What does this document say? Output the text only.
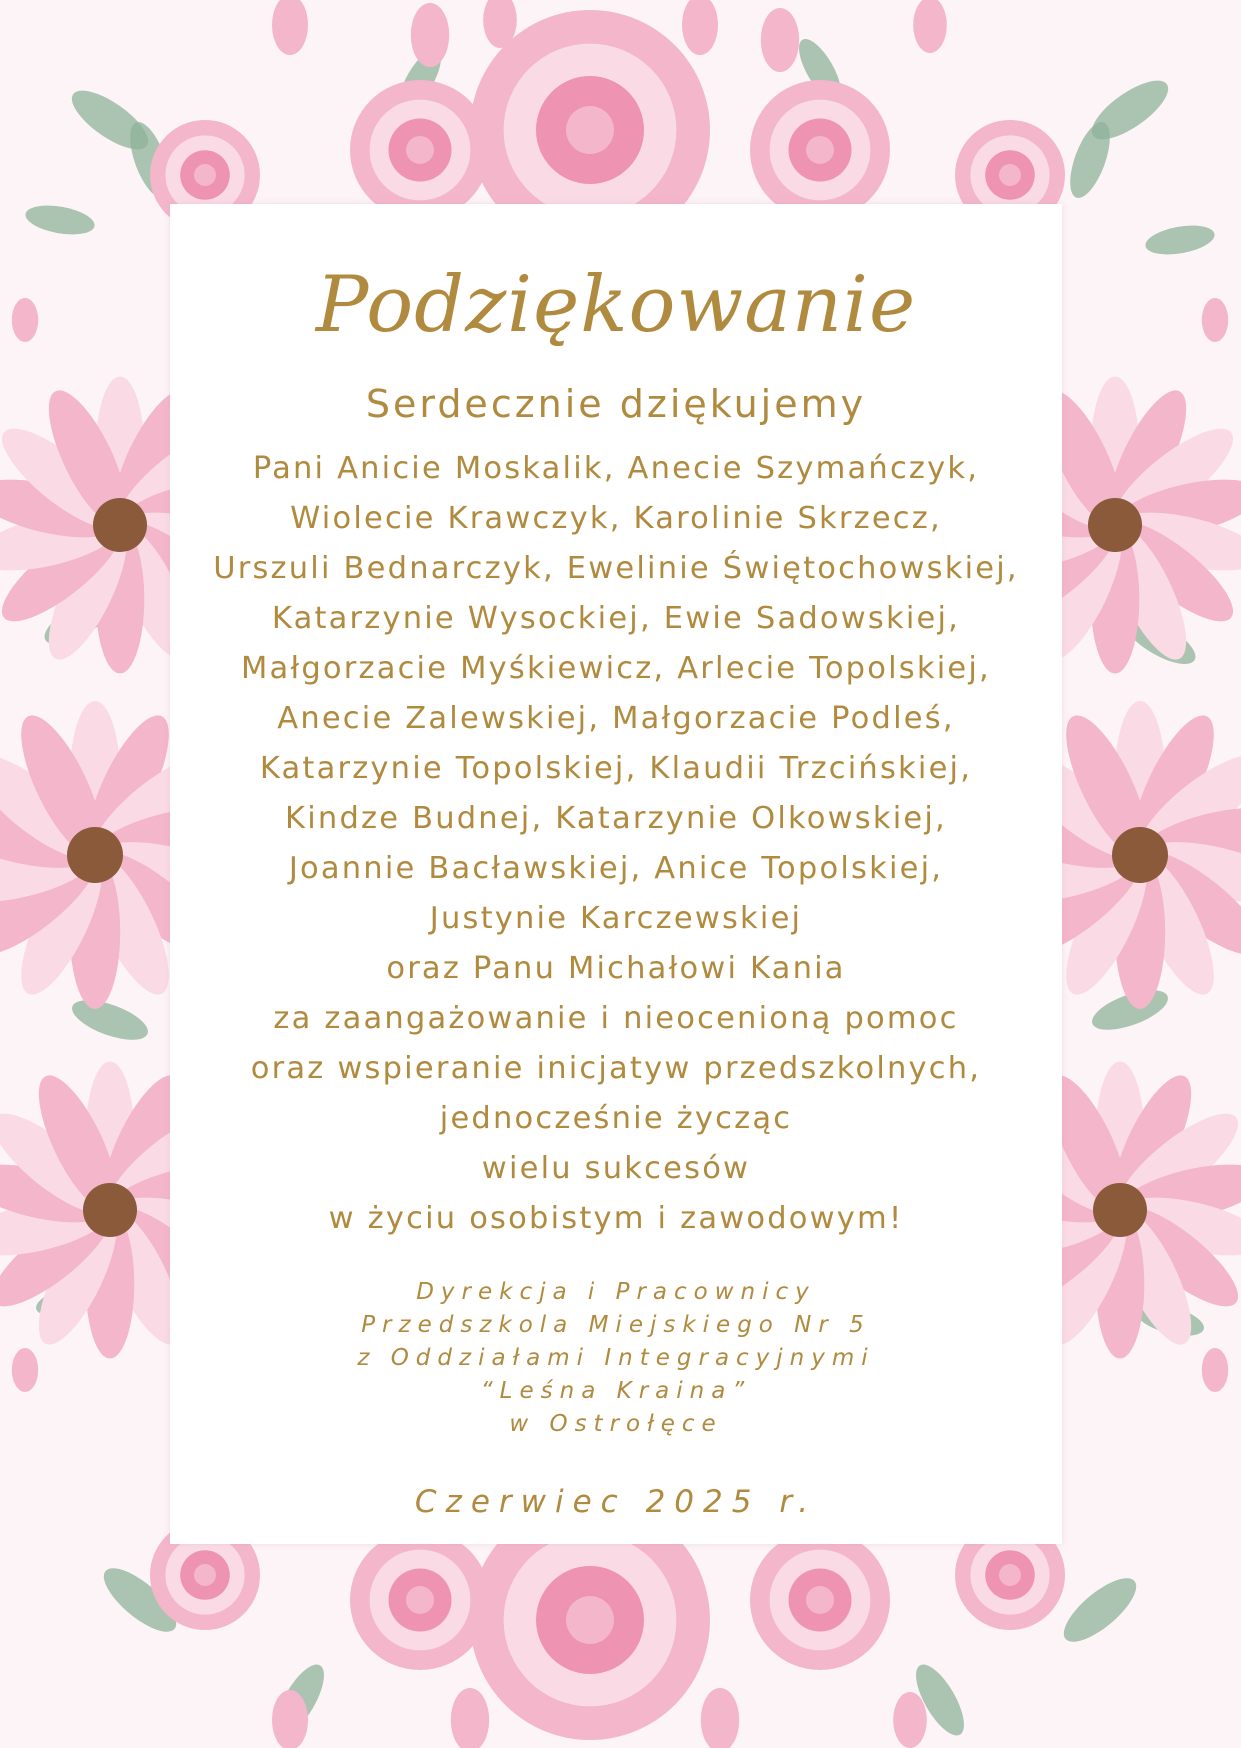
Podziękowanie
Serdecznie dziękujemy
Pani Anicie Moskalik, Anecie Szymańczyk,
Wiolecie Krawczyk, Karolinie Skrzecz,
Urszuli Bednarczyk, Ewelinie Świętochowskiej,
Katarzynie Wysockiej, Ewie Sadowskiej,
Małgorzacie Myśkiewicz, Arlecie Topolskiej,
Anecie Zalewskiej, Małgorzacie Podleś,
Katarzynie Topolskiej, Klaudii Trzcińskiej,
Kindze Budnej, Katarzynie Olkowskiej,
Joannie Bacławskiej, Anice Topolskiej,
Justynie Karczewskiej
oraz Panu Michałowi Kania
za zaangażowanie i nieocenioną pomoc
oraz wspieranie inicjatyw przedszkolnych,
jednocześnie życząc
wielu sukcesów
w życiu osobistym i zawodowym!
Dyrekcja i Pracownicy
Przedszkola Miejskiego Nr 5
z Oddziałami Integracyjnymi
“Leśna Kraina”
w Ostrołęce
Czerwiec 2025 r.
